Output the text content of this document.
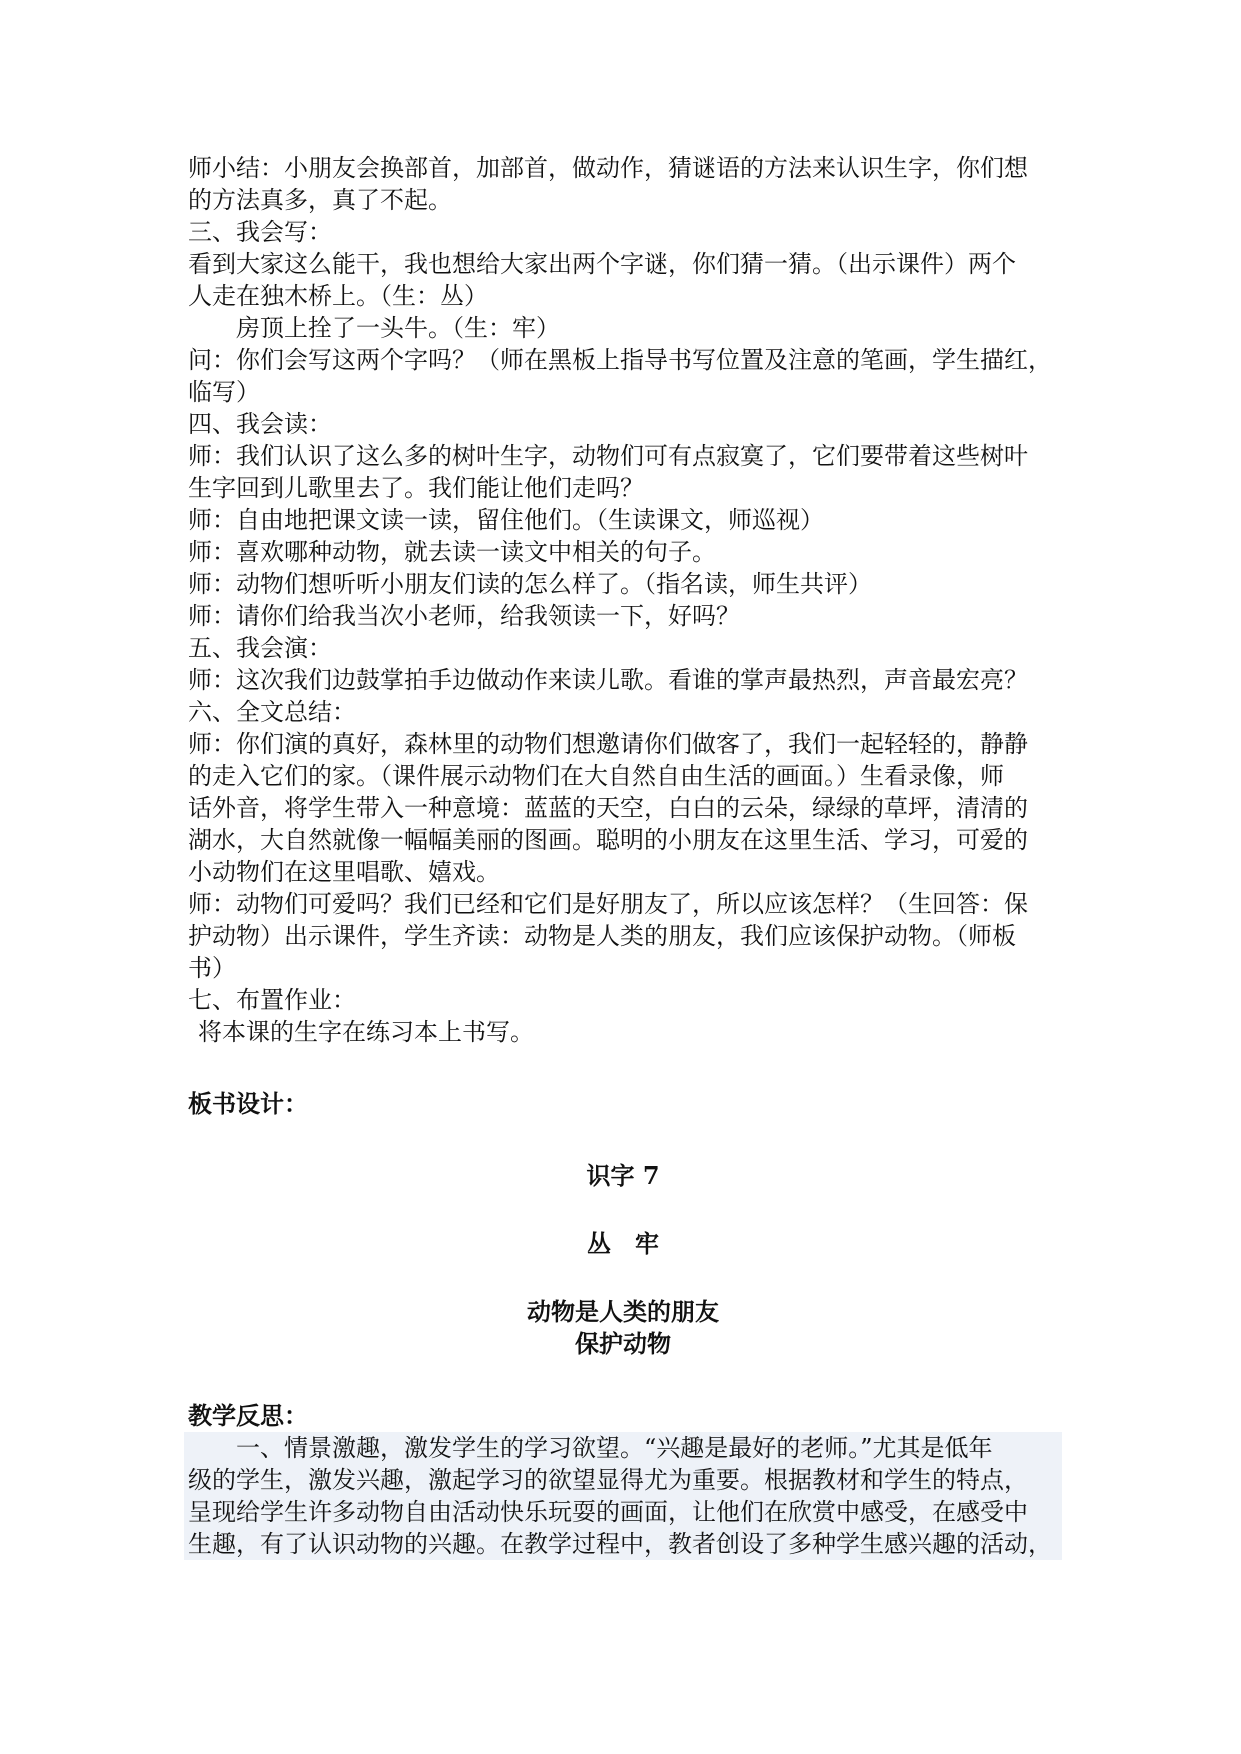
师小结：小朋友会换部首，加部首，做动作，猜谜语的方法来认识生字，你们想

的方法真多，真了不起。

三、我会写：

看到大家这么能干，我也想给大家出两个字谜，你们猜一猜。（出示课件）两个

人走在独木桥上。（生：丛）

房顶上拴了一头牛。（生：牢）

问：你们会写这两个字吗？（师在黑板上指导书写位置及注意的笔画，学生描红，

临写）

四、我会读：

师：我们认识了这么多的树叶生字，动物们可有点寂寞了，它们要带着这些树叶

生字回到儿歌里去了。我们能让他们走吗？

师：自由地把课文读一读，留住他们。（生读课文，师巡视）

师：喜欢哪种动物，就去读一读文中相关的句子。

师：动物们想听听小朋友们读的怎么样了。（指名读，师生共评）

师：请你们给我当次小老师，给我领读一下，好吗？

五、我会演：

师：这次我们边鼓掌拍手边做动作来读儿歌。看谁的掌声最热烈，声音最宏亮？

六、全文总结：

师：你们演的真好，森林里的动物们想邀请你们做客了，我们一起轻轻的，静静

的走入它们的家。（课件展示动物们在大自然自由生活的画面。）生看录像，师

话外音，将学生带入一种意境：蓝蓝的天空，白白的云朵，绿绿的草坪，清清的

湖水，大自然就像一幅幅美丽的图画。聪明的小朋友在这里生活、学习，可爱的

小动物们在这里唱歌、嬉戏。

师：动物们可爱吗？我们已经和它们是好朋友了，所以应该怎样？（生回答：保

护动物）出示课件，学生齐读：动物是人类的朋友，我们应该保护动物。（师板

书）

七、布置作业：

将本课的生字在练习本上书写。

板书设计：

识字 7

丛　牢

动物是人类的朋友

保护动物

教学反思：

一、情景激趣，激发学生的学习欲望。“兴趣是最好的老师。”尤其是低年

级的学生，激发兴趣，激起学习的欲望显得尤为重要。根据教材和学生的特点，

呈现给学生许多动物自由活动快乐玩耍的画面，让他们在欣赏中感受，在感受中

生趣，有了认识动物的兴趣。在教学过程中，教者创设了多种学生感兴趣的活动，
